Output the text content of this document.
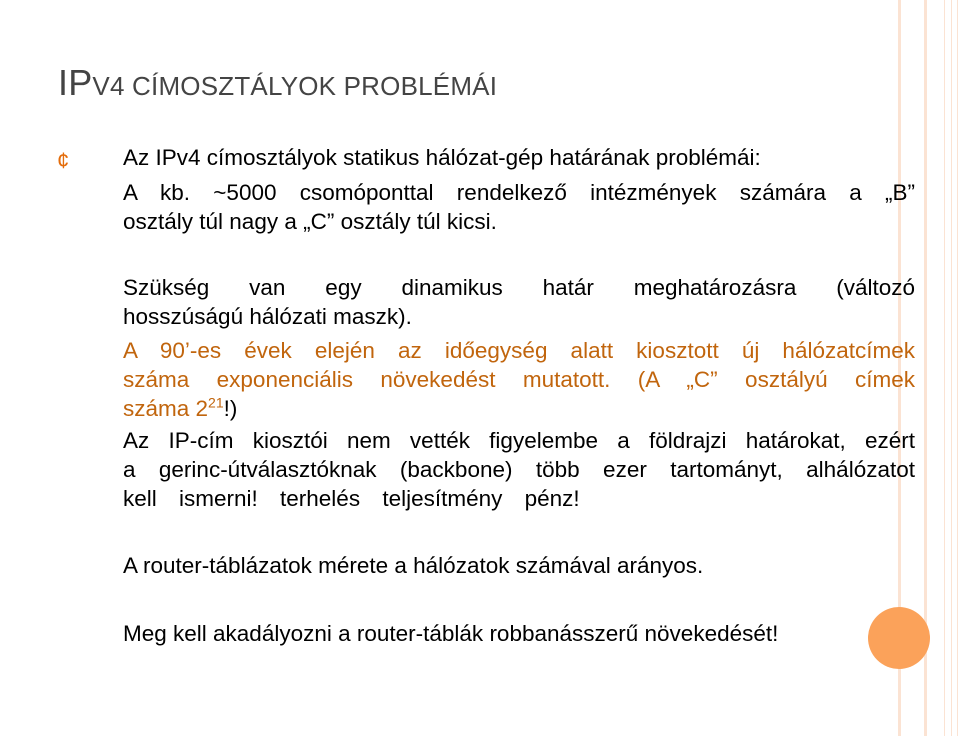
IPV4 CÍMOSZTÁLYOK PROBLÉMÁI
¢ Az IPv4 címosztályok statikus hálózat-gép határának problémái:
A kb. ~5000 csomóponttal rendelkező intézmények számára a „B”
osztály túl nagy a „C” osztály túl kicsi.
Szükség van egy dinamikus határ meghatározásra (változó
hosszúságú hálózati maszk).
A 90’-es évek elején az időegység alatt kiosztott új hálózatcímek
száma exponenciális növekedést mutatott. (A „C” osztályú címek
száma $2^{21}$!)
Az IP-cím kiosztói nem vették figyelembe a földrajzi határokat, ezért
a gerinc-útválasztóknak (backbone) több ezer tartományt, alhálózatot
kell ismerni! terhelés teljesítmény pénz!
A router-táblázatok mérete a hálózatok számával arányos.
Meg kell akadályozni a router-táblák robbanásszerű növekedését!
